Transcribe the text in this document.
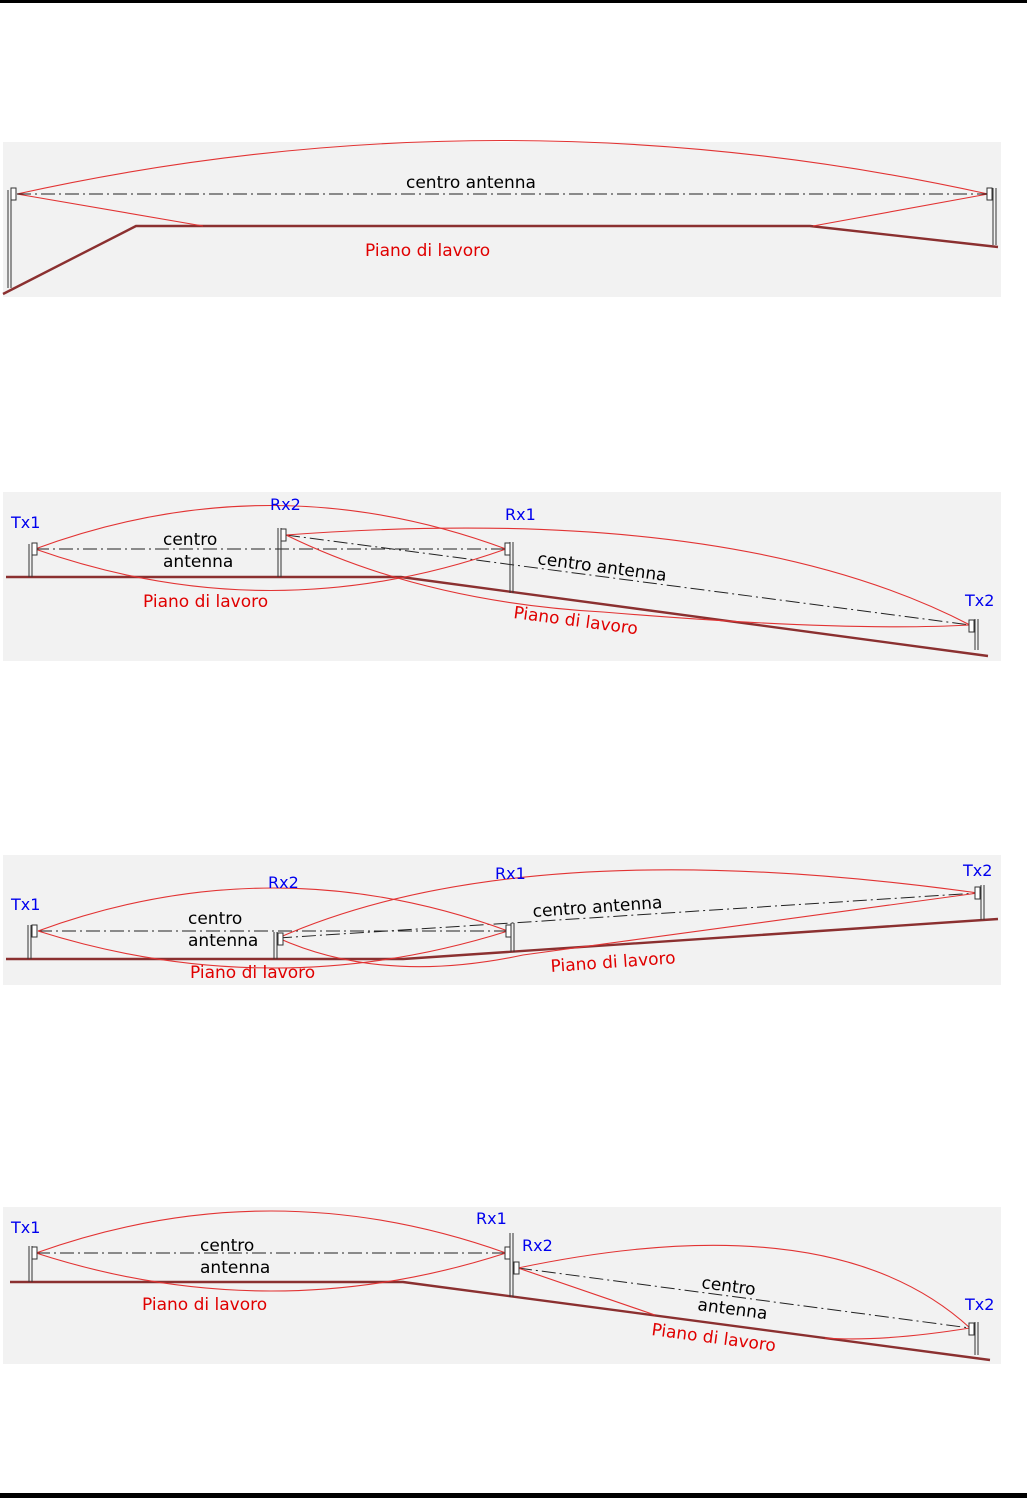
centro antenna
Piano di lavoro
Tx1
Rx2
Rx1
Tx2
centro
antenna	centro antenna
Piano di lavoro
Piano di lavoro
Tx1
Rx2	Rx1	Tx2
centro
antenna
centro antenna
Piano di lavoro	Piano di lavoro
Tx1	Rx1
Rx2
Tx2
centro
antenna
centro
antenna
Piano di lavoro
Piano di lavoro
